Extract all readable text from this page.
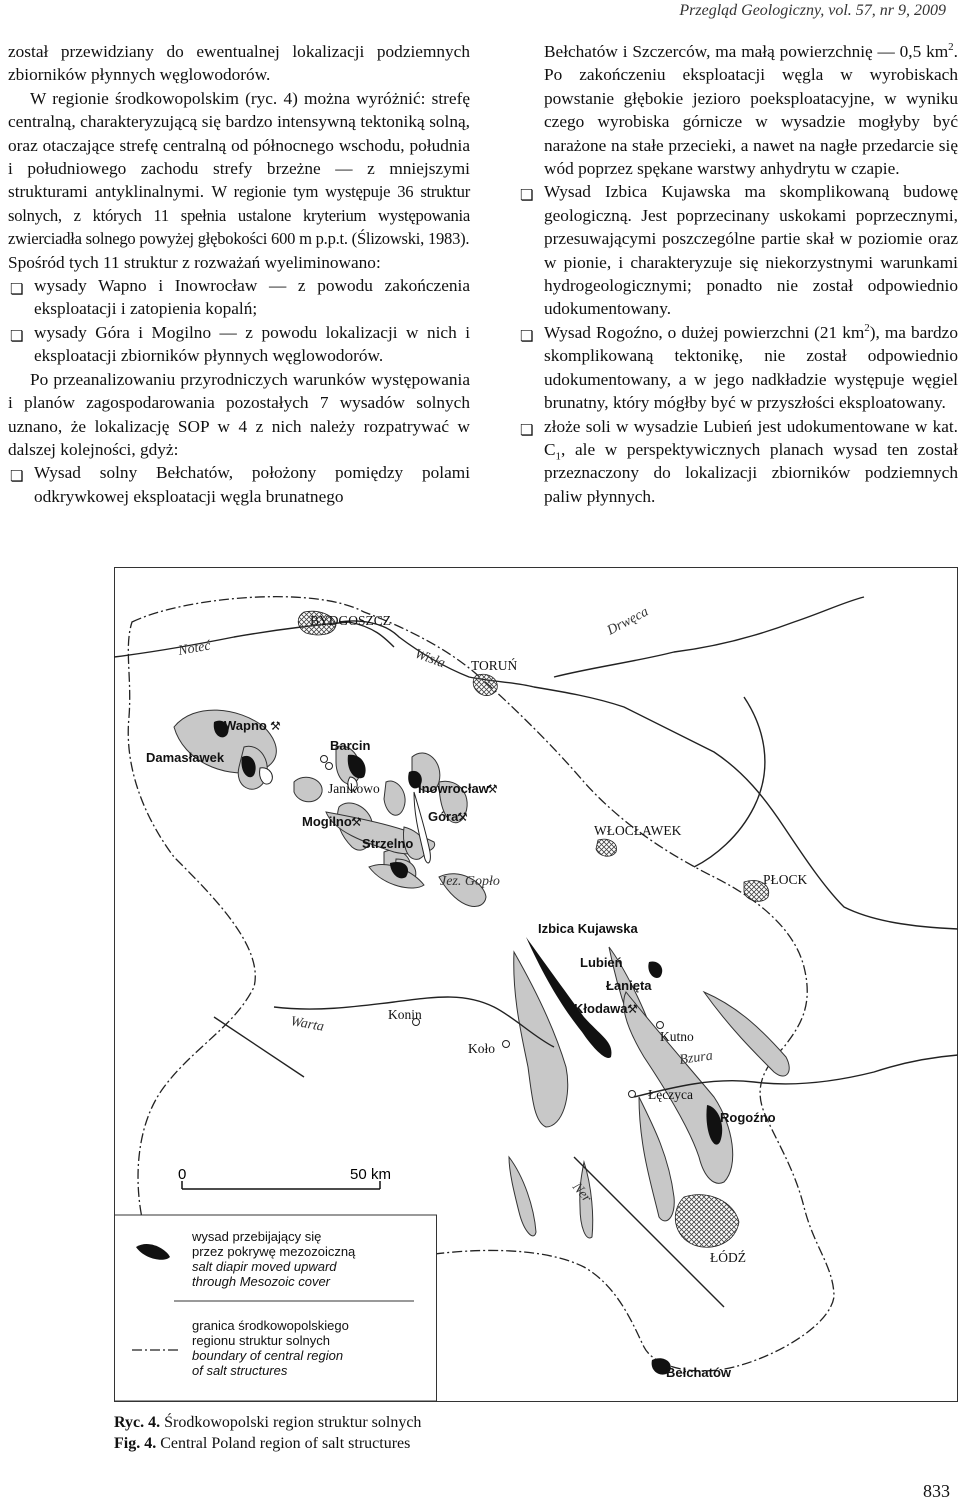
Przegląd Geologiczny, vol. 57, nr 9, 2009

został przewidziany do ewentualnej lokalizacji podziemnych zbiorników płynnych węglowodorów.

W regionie środkowopolskim (ryc. 4) można wyróżnić: strefę centralną, charakteryzującą się bardzo intensywną tektoniką solną, oraz otaczające strefę centralną od północnego wschodu, południa i południowego zachodu strefy brzeżne — z mniejszymi strukturami antyklinalnymi. W regionie tym występuje 36 struktur solnych, z których 11 spełnia ustalone kryterium występowania zwierciadła solnego powyżej głębokości 600 m p.p.t. (Ślizowski, 1983).

Spośród tych 11 struktur z rozważań wyeliminowano:

❏ wysady Wapno i Inowrocław — z powodu zakończenia eksploatacji i zatopienia kopalń;
❏ wysady Góra i Mogilno — z powodu lokalizacji w nich i eksploatacji zbiorników płynnych węglowodorów.

Po przeanalizowaniu przyrodniczych warunków występowania i planów zagospodarowania pozostałych 7 wysadów solnych uznano, że lokalizację SOP w 4 z nich należy rozpatrywać w dalszej kolejności, gdyż:

❏ Wysad solny Bełchatów, położony pomiędzy polami odkrywkowej eksploatacji węgla brunatnego

Bełchatów i Szczerców, ma małą powierzchnię — 0,5 $km^2$. Po zakończeniu eksploatacji węgla w wyrobiskach powstanie głębokie jezioro poeksploatacyjne, w wyniku czego wyrobiska górnicze w wysadzie mogłyby być narażone na stałe przecieki, a nawet na nagłe przedarcie się wód poprzez spękane warstwy anhydrytu w czapie.

❏ Wysad Izbica Kujawska ma skomplikowaną budowę geologiczną. Jest poprzecinany uskokami poprzecznymi, przesuwającymi poszczególne partie skał w poziomie oraz w pionie, i charakteryzuje się niekorzystnymi warunkami hydrogeologicznymi; ponadto nie został odpowiednio udokumentowany.
❏ Wysad Rogoźno, o dużej powierzchni (21 $km^2$), ma bardzo skomplikowaną tektonikę, nie został odpowiednio udokumentowany, a w jego nadkładzie występuje węgiel brunatny, który mógłby być w przyszłości eksploatowany.
❏ złoże soli w wysadzie Lubień jest udokumentowane w kat. $C_1$, ale w perspektywicznych planach wysad ten został przeznaczony do lokalizacji zbiorników podziemnych paliw płynnych.
BYDGOSZCZ
TORUŃ
WŁOCŁAWEK
PŁOCK
ŁÓDŹ
Janikowo
Konin
Koło
Kutno
Łęczyca
Noteć	Wisła
Drwęca
Warta
Bzura
Ner
Jez. Gopło
Wapno
Damasławek
Barcin
Inowrocław
Góra
Mogilno
Strzelno
Izbica Kujawska
Lubień
Łanięta
Kłodawa
Rogoźno
Bełchatów
⚒
⚒
⚒
⚒
⚒
0	50 km
wysad przebijający się
przez pokrywę mezozoiczną
salt diapir moved upward
through Mesozoic cover
granica środkowopolskiego
regionu struktur solnych
boundary of central region
of salt structures
Ryc. 4. Środkowopolski region struktur solnych
Fig. 4. Central Poland region of salt structures
833
